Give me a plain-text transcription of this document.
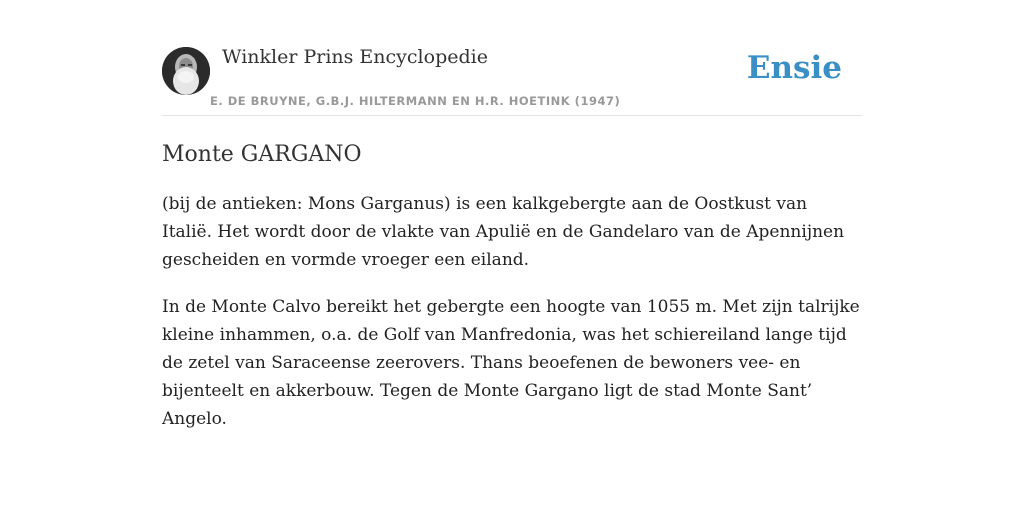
Winkler Prins Encyclopedie
E. DE BRUYNE, G.B.J. HILTERMANN EN H.R. HOETINK (1947)
Ensie
Monte GARGANO

(bij de antieken: Mons Garganus) is een kalkgebergte aan de Oostkust van Italië. Het wordt door de vlakte van Apulië en de Gandelaro van de Apennijnen gescheiden en vormde vroeger een eiland.

In de Monte Calvo bereikt het gebergte een hoogte van 1055 m. Met zijn talrijke kleine inhammen, o.a. de Golf van Manfredonia, was het schiereiland lange tijd de zetel van Saraceense zeerovers. Thans beoefenen de bewoners vee- en bijenteelt en akkerbouw. Tegen de Monte Gargano ligt de stad Monte Sant’ Angelo.
